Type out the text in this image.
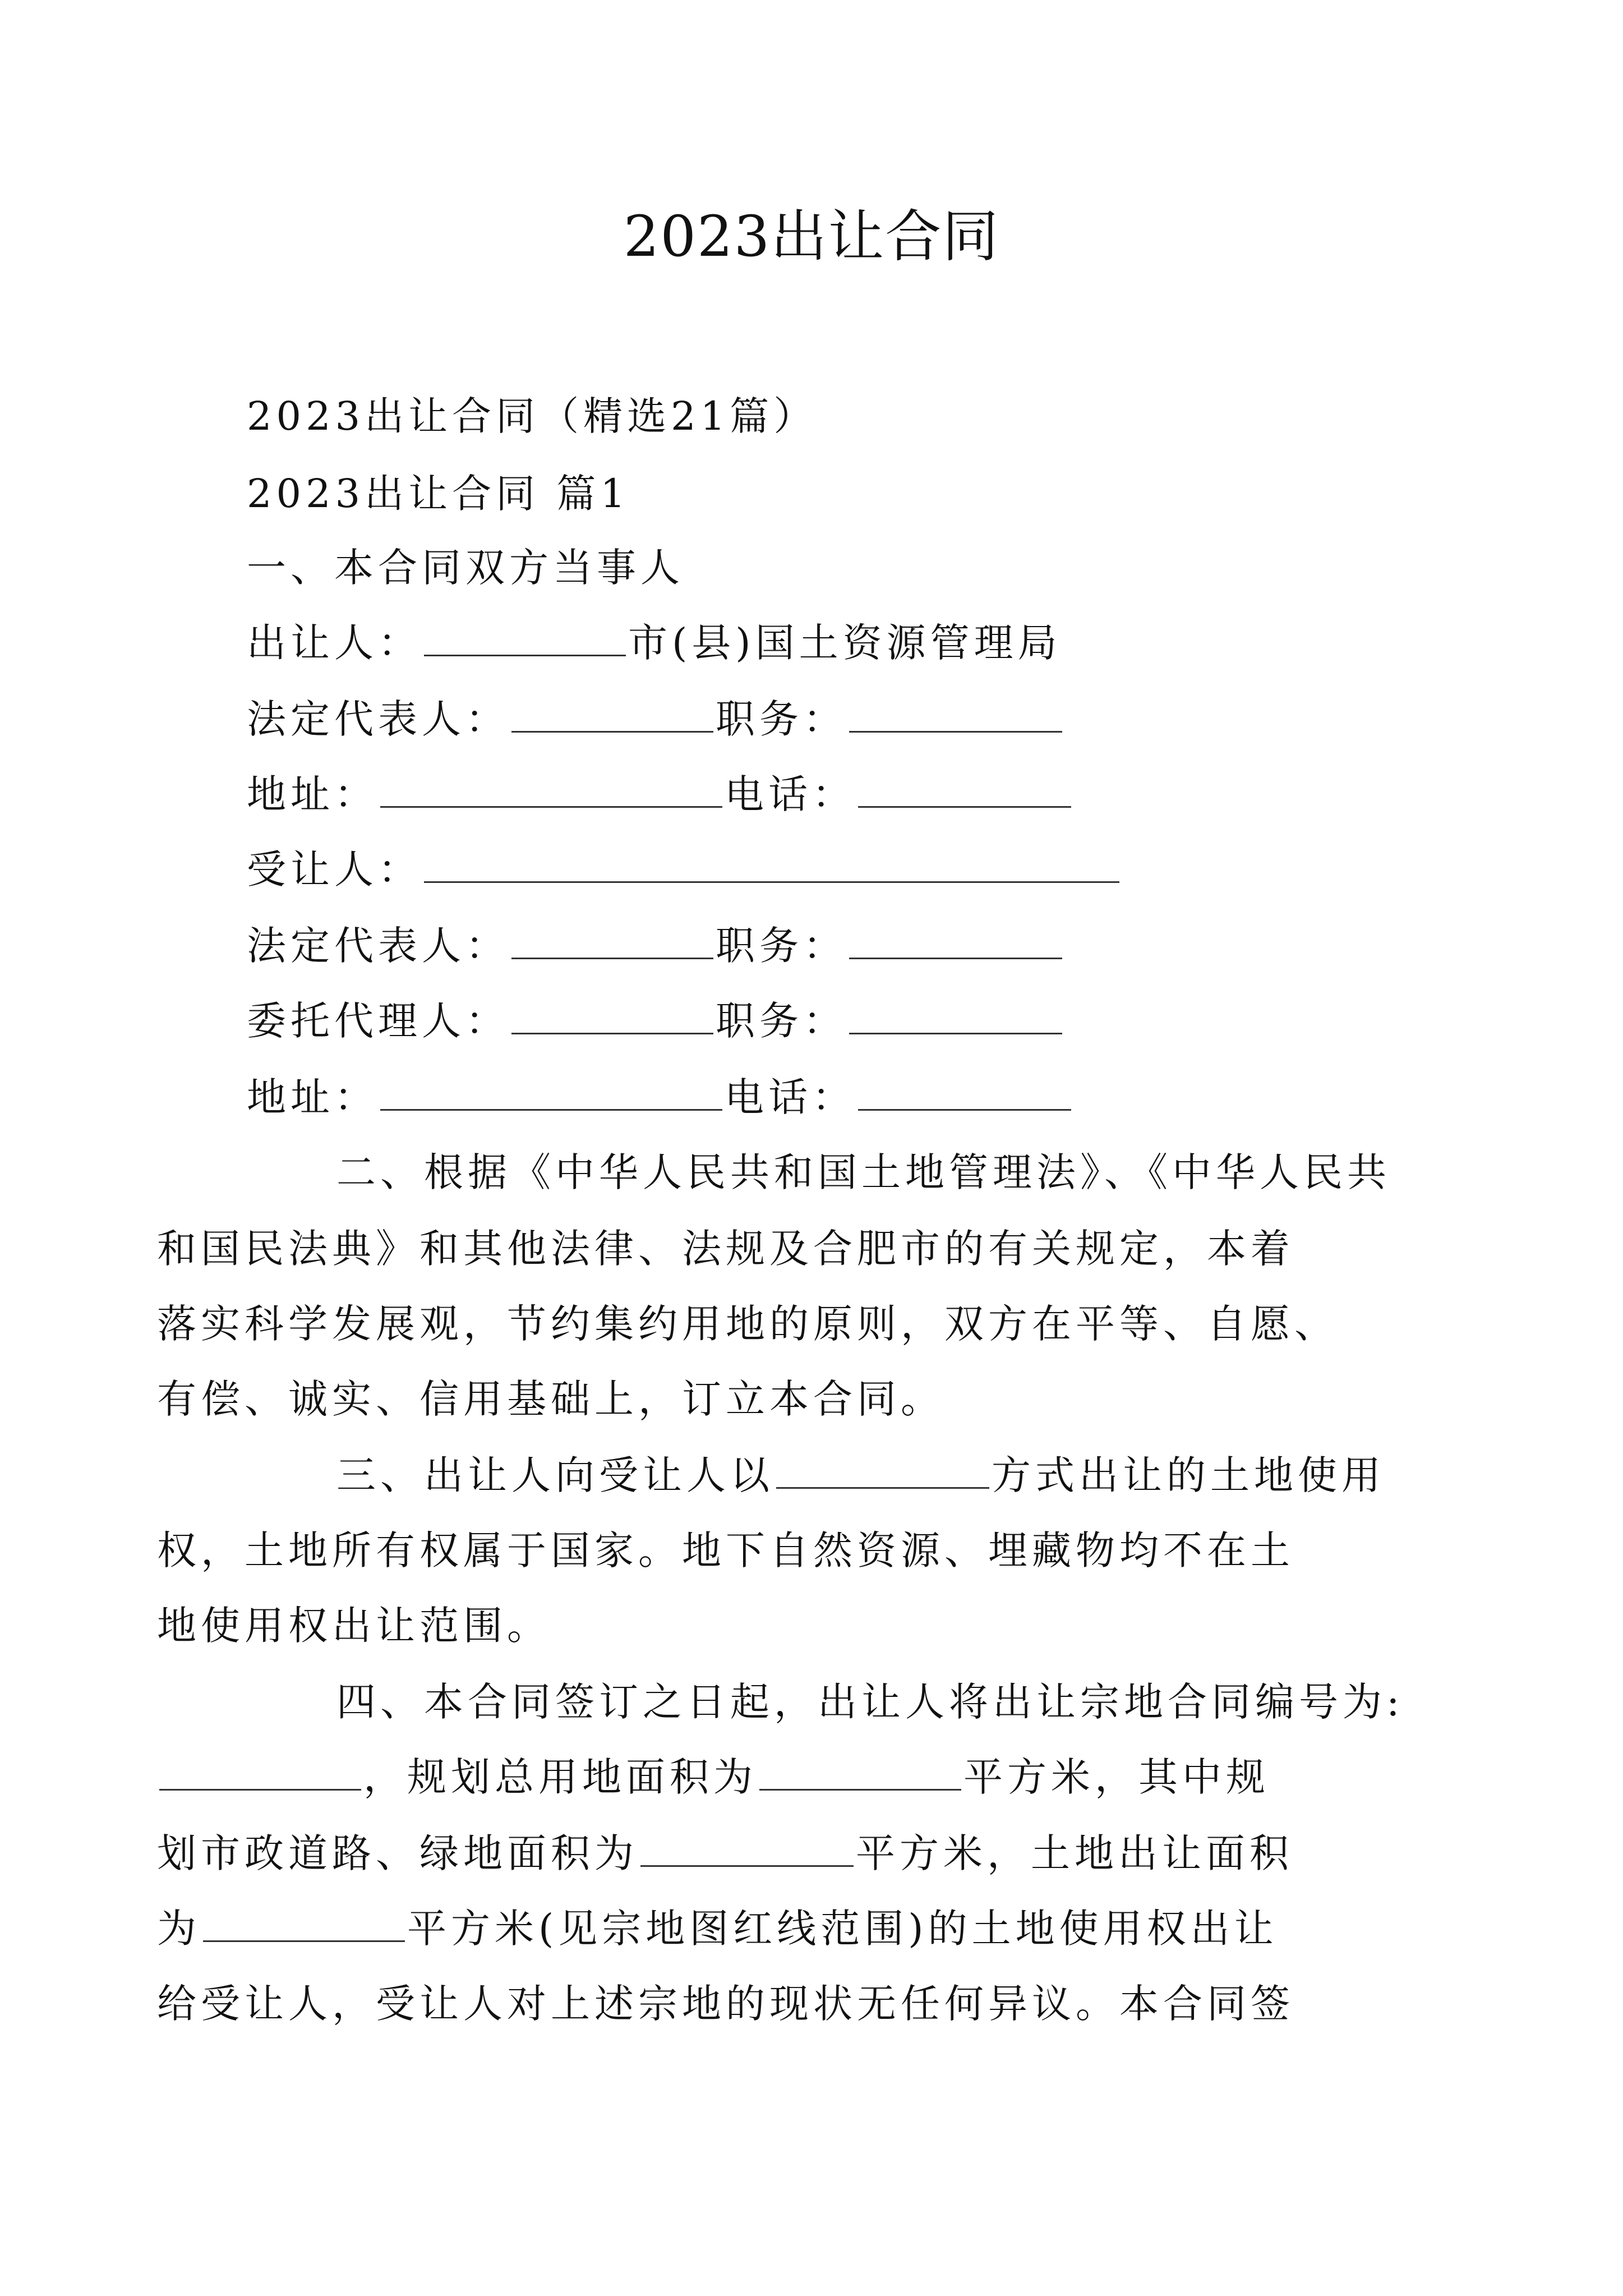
2023出让合同
2023出让合同（精选21篇）
2023出让合同 篇1
一、本合同双方当事人
出让人：	市(县)国土资源管理局
法定代表人：	职务：
地址：	电话：
受让人：
法定代表人：	职务：
委托代理人：	职务：
地址：	电话：
二、根据《中华人民共和国土地管理法》、《中华人民共
和国民法典》和其他法律、法规及合肥市的有关规定，本着
落实科学发展观，节约集约用地的原则，双方在平等、自愿、
有偿、诚实、信用基础上，订立本合同。
三、出让人向受让人以	方式出让的土地使用
权，土地所有权属于国家。地下自然资源、埋藏物均不在土
地使用权出让范围。
四、本合同签订之日起，出让人将出让宗地合同编号为:
，规划总用地面积为	平方米，其中规
划市政道路、绿地面积为	平方米，土地出让面积
为	平方米(见宗地图红线范围)的土地使用权出让
给受让人，受让人对上述宗地的现状无任何异议。本合同签
